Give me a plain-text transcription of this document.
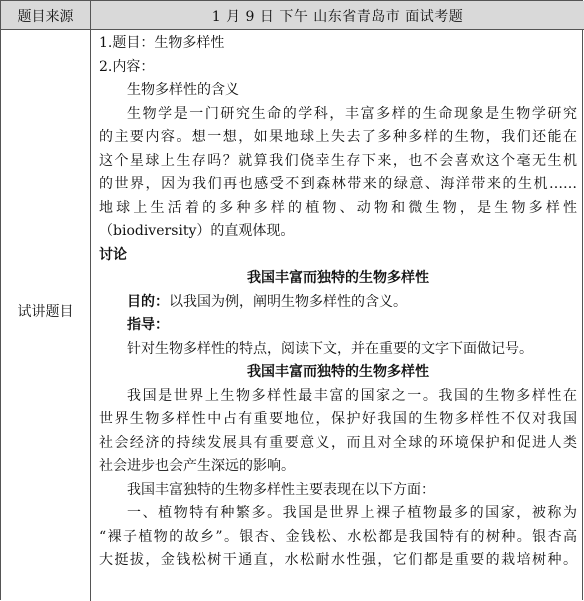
题目来源	1 月 9 日 下午 山东省青岛市 面试考题
试讲题目
1.题目：生物多样性
2.内容：
生物多样性的含义
生物学是一门研究生命的学科，丰富多样的生命现象是生物学研究
的主要内容。想一想，如果地球上失去了多种多样的生物，我们还能在
这个星球上生存吗？就算我们侥幸生存下来，也不会喜欢这个毫无生机
的世界，因为我们再也感受不到森林带来的绿意、海洋带来的生机……
地球上生活着的多种多样的植物、动物和微生物，是生物多样性
（biodiversity）的直观体现。
讨论
我国丰富而独特的生物多样性
目的：以我国为例，阐明生物多样性的含义。
指导：
针对生物多样性的特点，阅读下文，并在重要的文字下面做记号。
我国丰富而独特的生物多样性
我国是世界上生物多样性最丰富的国家之一。我国的生物多样性在
世界生物多样性中占有重要地位，保护好我国的生物多样性不仅对我国
社会经济的持续发展具有重要意义，而且对全球的环境保护和促进人类
社会进步也会产生深远的影响。
我国丰富独特的生物多样性主要表现在以下方面：
一、植物特有种繁多。我国是世界上裸子植物最多的国家，被称为
“裸子植物的故乡”。银杏、金钱松、水松都是我国特有的树种。银杏高
大挺拔，金钱松树干通直，水松耐水性强，它们都是重要的栽培树种。
